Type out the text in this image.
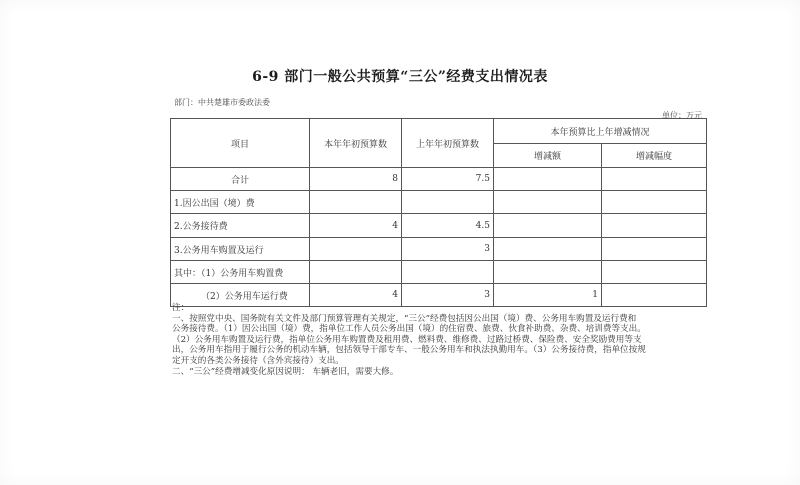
6-9 部门一般公共预算“三公”经费支出情况表
部门：中共楚雄市委政法委
单位：万元
项目	本年年初预算数	上年年初预算数	本年预算比上年增减情况	
			增减额	增减幅度
合计	8	7.5		
1.因公出国（境）费				
2.公务接待费	4	4.5		
3.公务用车购置及运行		3		
其中：（1）公务用车购置费				
（2）公务用车运行费	4	3	1	

注：

一、按照党中央、国务院有关文件及部门预算管理有关规定，“三公”经费包括因公出国（境）费、公务用车购置及运行费和

公务接待费。（1）因公出国（境）费，指单位工作人员公务出国（境）的住宿费、旅费、伙食补助费、杂费、培训费等支出。

（2）公务用车购置及运行费，指单位公务用车购置费及租用费、燃料费、维修费、过路过桥费、保险费、安全奖励费用等支

出，公务用车指用于履行公务的机动车辆，包括领导干部专车、一般公务用车和执法执勤用车。（3）公务接待费，指单位按规

定开支的各类公务接待（含外宾接待）支出。

二、“三公”经费增减变化原因说明： 车辆老旧，需要大修。
